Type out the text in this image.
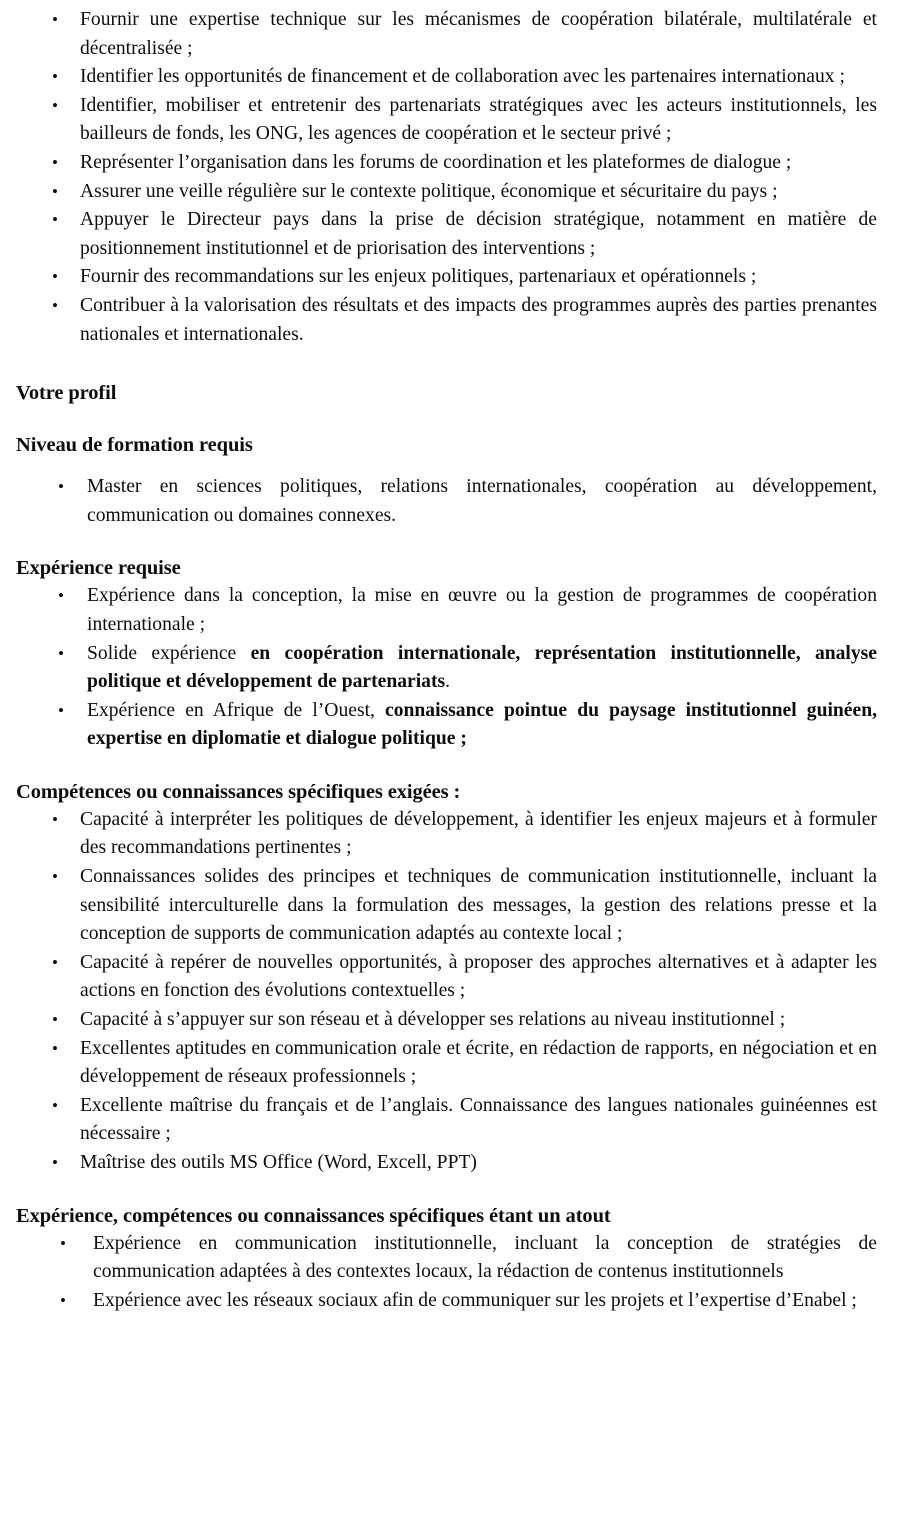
• Fournir une expertise technique sur les mécanismes de coopération bilatérale, multilatérale et décentralisée ;
• Identifier les opportunités de financement et de collaboration avec les partenaires internationaux ;
• Identifier, mobiliser et entretenir des partenariats stratégiques avec les acteurs institutionnels, les bailleurs de fonds, les ONG, les agences de coopération et le secteur privé ;
• Représenter l’organisation dans les forums de coordination et les plateformes de dialogue ;
• Assurer une veille régulière sur le contexte politique, économique et sécuritaire du pays ;
• Appuyer le Directeur pays dans la prise de décision stratégique, notamment en matière de positionnement institutionnel et de priorisation des interventions ;
• Fournir des recommandations sur les enjeux politiques, partenariaux et opérationnels ;
• Contribuer à la valorisation des résultats et des impacts des programmes auprès des parties prenantes nationales et internationales.
Votre profil
Niveau de formation requis
• Master en sciences politiques, relations internationales, coopération au développement, communication ou domaines connexes.
Expérience requise
• Expérience dans la conception, la mise en œuvre ou la gestion de programmes de coopération internationale ;
• Solide expérience en coopération internationale, représentation institutionnelle, analyse politique et développement de partenariats.
• Expérience en Afrique de l’Ouest, connaissance pointue du paysage institutionnel guinéen, expertise en diplomatie et dialogue politique ;
Compétences ou connaissances spécifiques exigées :
• Capacité à interpréter les politiques de développement, à identifier les enjeux majeurs et à formuler des recommandations pertinentes ;
• Connaissances solides des principes et techniques de communication institutionnelle, incluant la sensibilité interculturelle dans la formulation des messages, la gestion des relations presse et la conception de supports de communication adaptés au contexte local ;
• Capacité à repérer de nouvelles opportunités, à proposer des approches alternatives et à adapter les actions en fonction des évolutions contextuelles ;
• Capacité à s’appuyer sur son réseau et à développer ses relations au niveau institutionnel ;
• Excellentes aptitudes en communication orale et écrite, en rédaction de rapports, en négociation et en développement de réseaux professionnels ;
• Excellente maîtrise du français et de l’anglais. Connaissance des langues nationales guinéennes est nécessaire ;
• Maîtrise des outils MS Office (Word, Excell, PPT)
Expérience, compétences ou connaissances spécifiques étant un atout
• Expérience en communication institutionnelle, incluant la conception de stratégies de communication adaptées à des contextes locaux, la rédaction de contenus institutionnels
• Expérience avec les réseaux sociaux afin de communiquer sur les projets et l’expertise d’Enabel ;
